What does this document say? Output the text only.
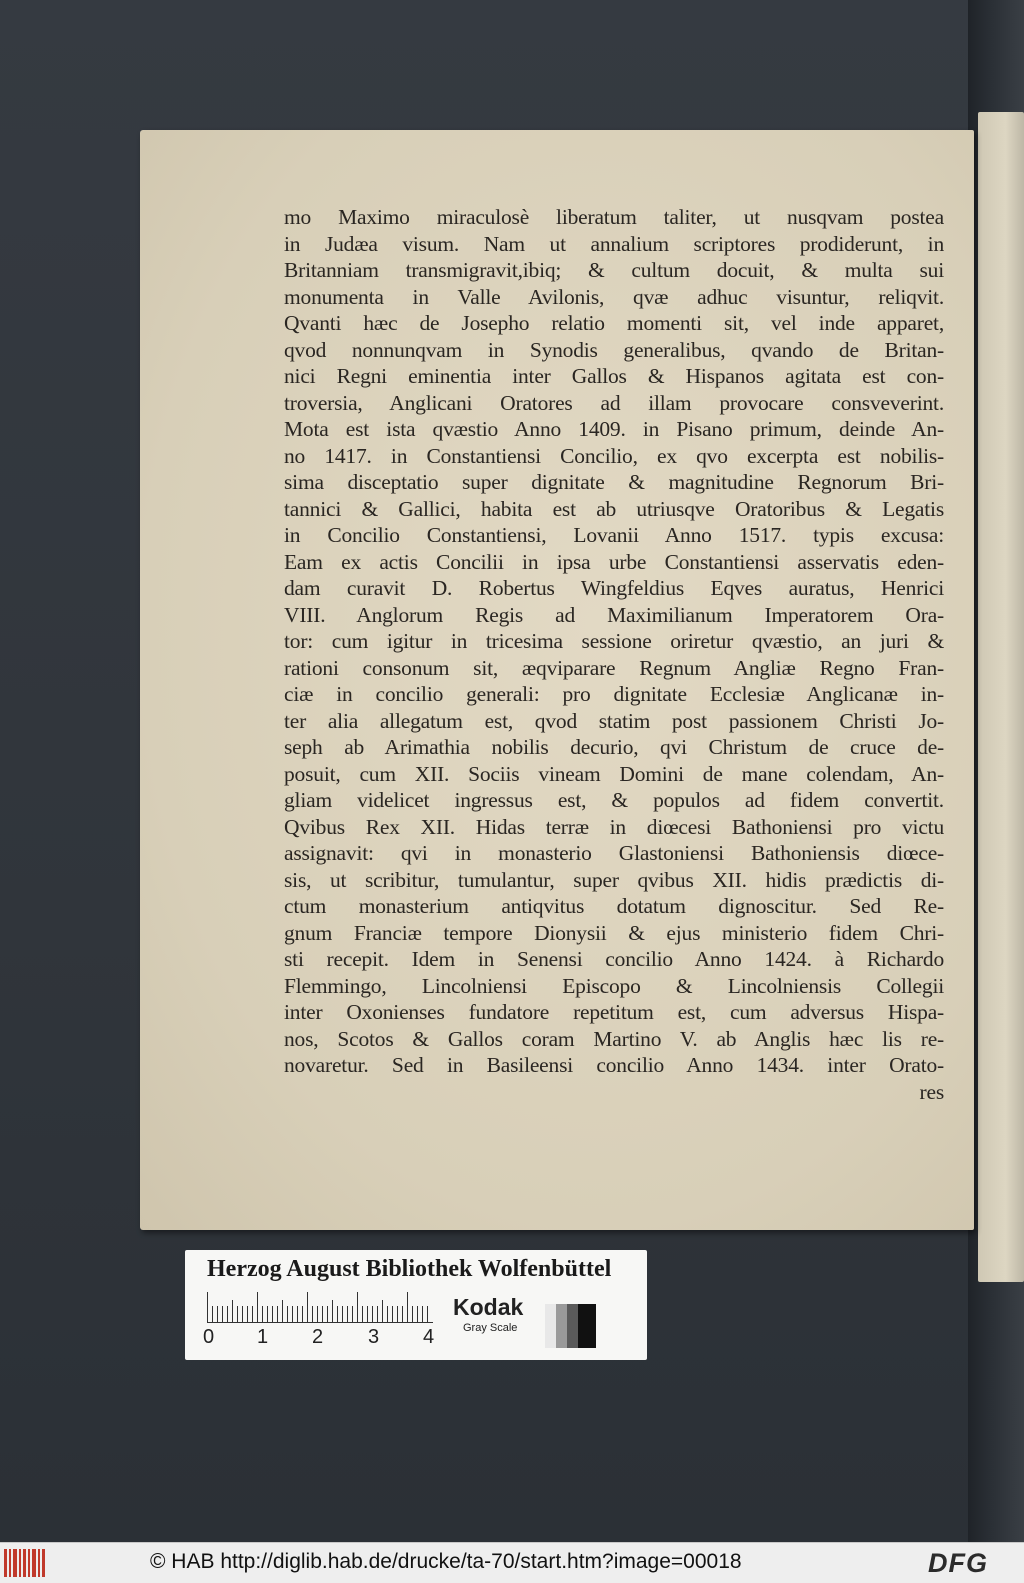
mo Maximo miraculosè liberatum taliter, ut nusqvam postea
in Judæa visum. Nam ut annalium scriptores prodiderunt, in
Britanniam transmigravit,ibiq; & cultum docuit, & multa sui
monumenta in Valle Avilonis, qvæ adhuc visuntur, reliqvit.
Qvanti hæc de Josepho relatio momenti sit, vel inde apparet,
qvod nonnunqvam in Synodis generalibus, qvando de Britan-
nici Regni eminentia inter Gallos & Hispanos agitata est con-
troversia, Anglicani Oratores ad illam provocare consveverint.
Mota est ista qvæstio Anno 1409. in Pisano primum, deinde An-
no 1417. in Constantiensi Concilio, ex qvo excerpta est nobilis-
sima disceptatio super dignitate & magnitudine Regnorum Bri-
tannici & Gallici, habita est ab utriusqve Oratoribus & Legatis
in Concilio Constantiensi, Lovanii Anno 1517. typis excusa:
Eam ex actis Concilii in ipsa urbe Constantiensi asservatis eden-
dam curavit D. Robertus Wingfeldius Eqves auratus, Henrici
VIII. Anglorum Regis ad Maximilianum Imperatorem Ora-
tor: cum igitur in tricesima sessione oriretur qvæstio, an juri &
rationi consonum sit, æqviparare Regnum Angliæ Regno Fran-
ciæ in concilio generali: pro dignitate Ecclesiæ Anglicanæ in-
ter alia allegatum est, qvod statim post passionem Christi Jo-
seph ab Arimathia nobilis decurio, qvi Christum de cruce de-
posuit, cum XII. Sociis vineam Domini de mane colendam, An-
gliam videlicet ingressus est, & populos ad fidem convertit.
Qvibus Rex XII. Hidas terræ in diœcesi Bathoniensi pro victu
assignavit: qvi in monasterio Glastoniensi Bathoniensis diœce-
sis, ut scribitur, tumulantur, super qvibus XII. hidis prædictis di-
ctum monasterium antiqvitus dotatum dignoscitur. Sed Re-
gnum Franciæ tempore Dionysii & ejus ministerio fidem Chri-
sti recepit. Idem in Senensi concilio Anno 1424. à Richardo
Flemmingo, Lincolniensi Episcopo & Lincolniensis Collegii
inter Oxonienses fundatore repetitum est, cum adversus Hispa-
nos, Scotos & Gallos coram Martino V. ab Anglis hæc lis re-
novaretur. Sed in Basileensi concilio Anno 1434. inter Orato-
res
Herzog August Bibliothek Wolfenbüttel
0 1 2 3 4
Kodak
Gray Scale
© HAB http://diglib.hab.de/drucke/ta-70/start.htm?image=00018	DFG
